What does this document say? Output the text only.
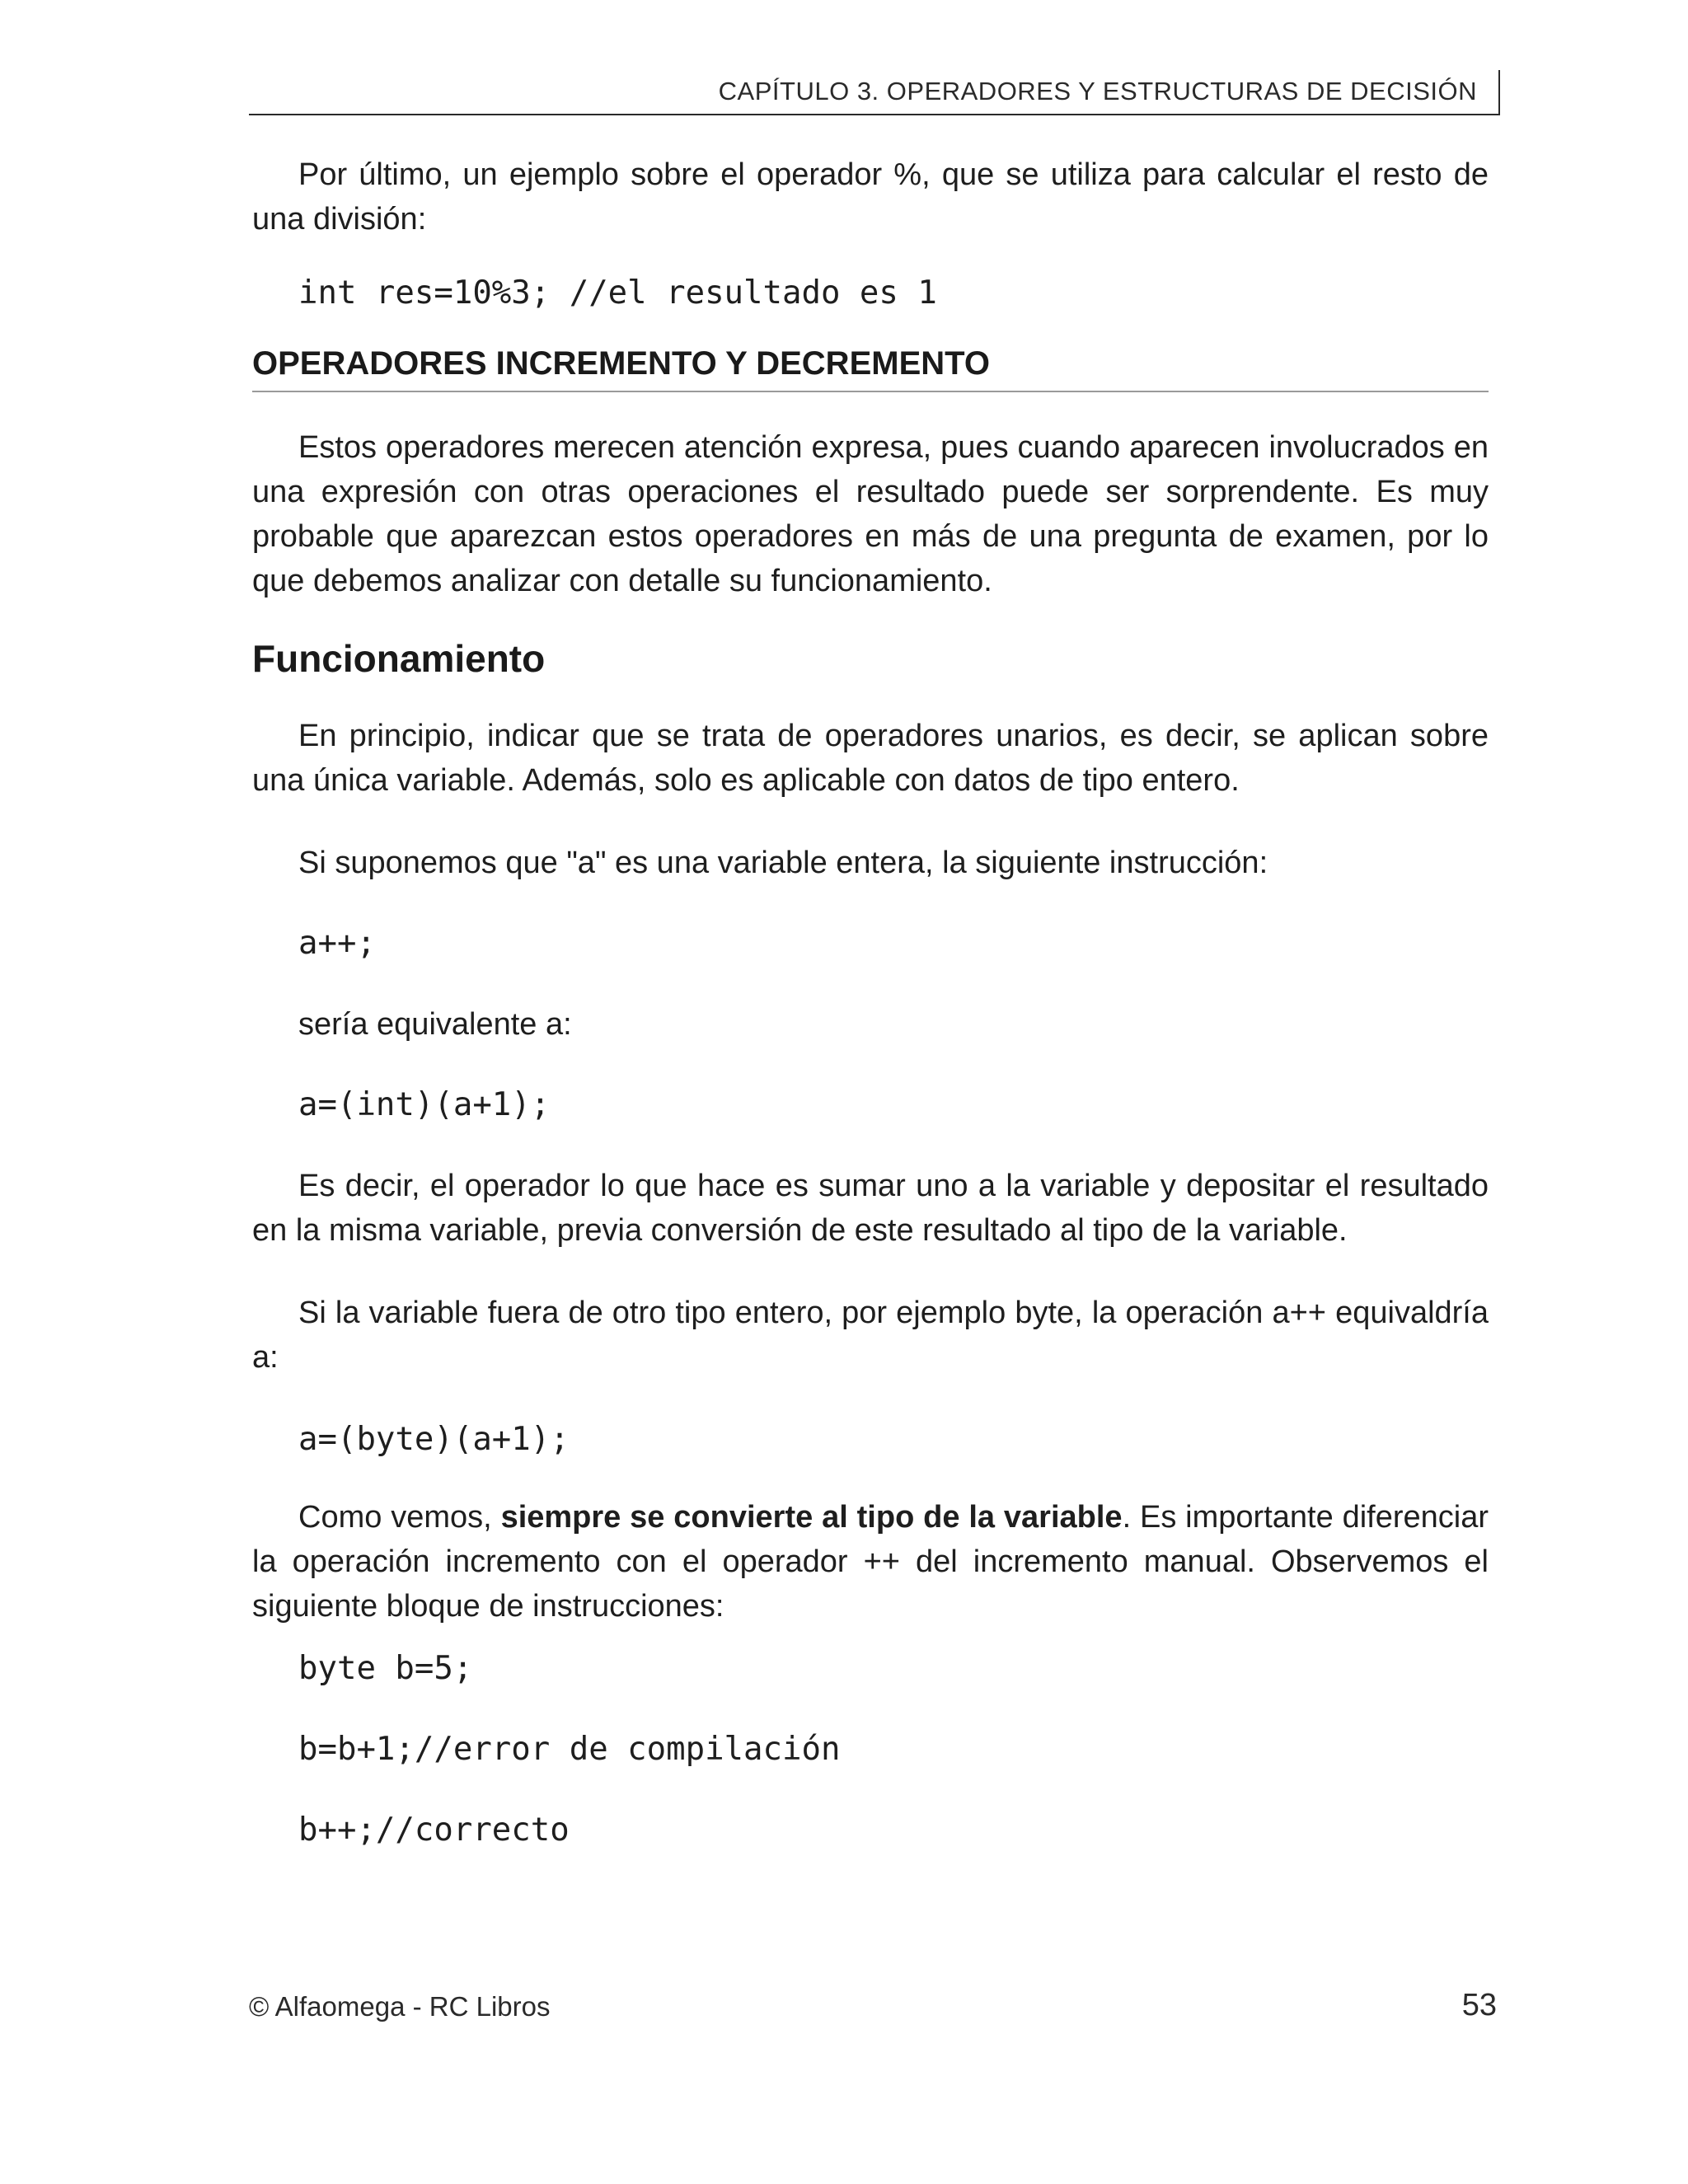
CAPÍTULO 3. OPERADORES Y ESTRUCTURAS DE DECISIÓN

Por último, un ejemplo sobre el operador %, que se utiliza para calcular el resto de una división:

int res=10%3; //el resultado es 1
OPERADORES INCREMENTO Y DECREMENTO

Estos operadores merecen atención expresa, pues cuando aparecen involucrados en una expresión con otras operaciones el resultado puede ser sorprendente. Es muy probable que aparezcan estos operadores en más de una pregunta de examen, por lo que debemos analizar con detalle su funcionamiento.

Funcionamiento

En principio, indicar que se trata de operadores unarios, es decir, se aplican sobre una única variable. Además, solo es aplicable con datos de tipo entero.

Si suponemos que "a" es una variable entera, la siguiente instrucción:

a++;

sería equivalente a:

a=(int)(a+1);

Es decir, el operador lo que hace es sumar uno a la variable y depositar el resultado en la misma variable, previa conversión de este resultado al tipo de la variable.

Si la variable fuera de otro tipo entero, por ejemplo byte, la operación a++ equivaldría a:

a=(byte)(a+1);

Como vemos, siempre se convierte al tipo de la variable. Es importante diferenciar la operación incremento con el operador ++ del incremento manual. Observemos el siguiente bloque de instrucciones:

byte b=5;
b=b+1;//error de compilación
b++;//correcto
© Alfaomega - RC Libros	53
